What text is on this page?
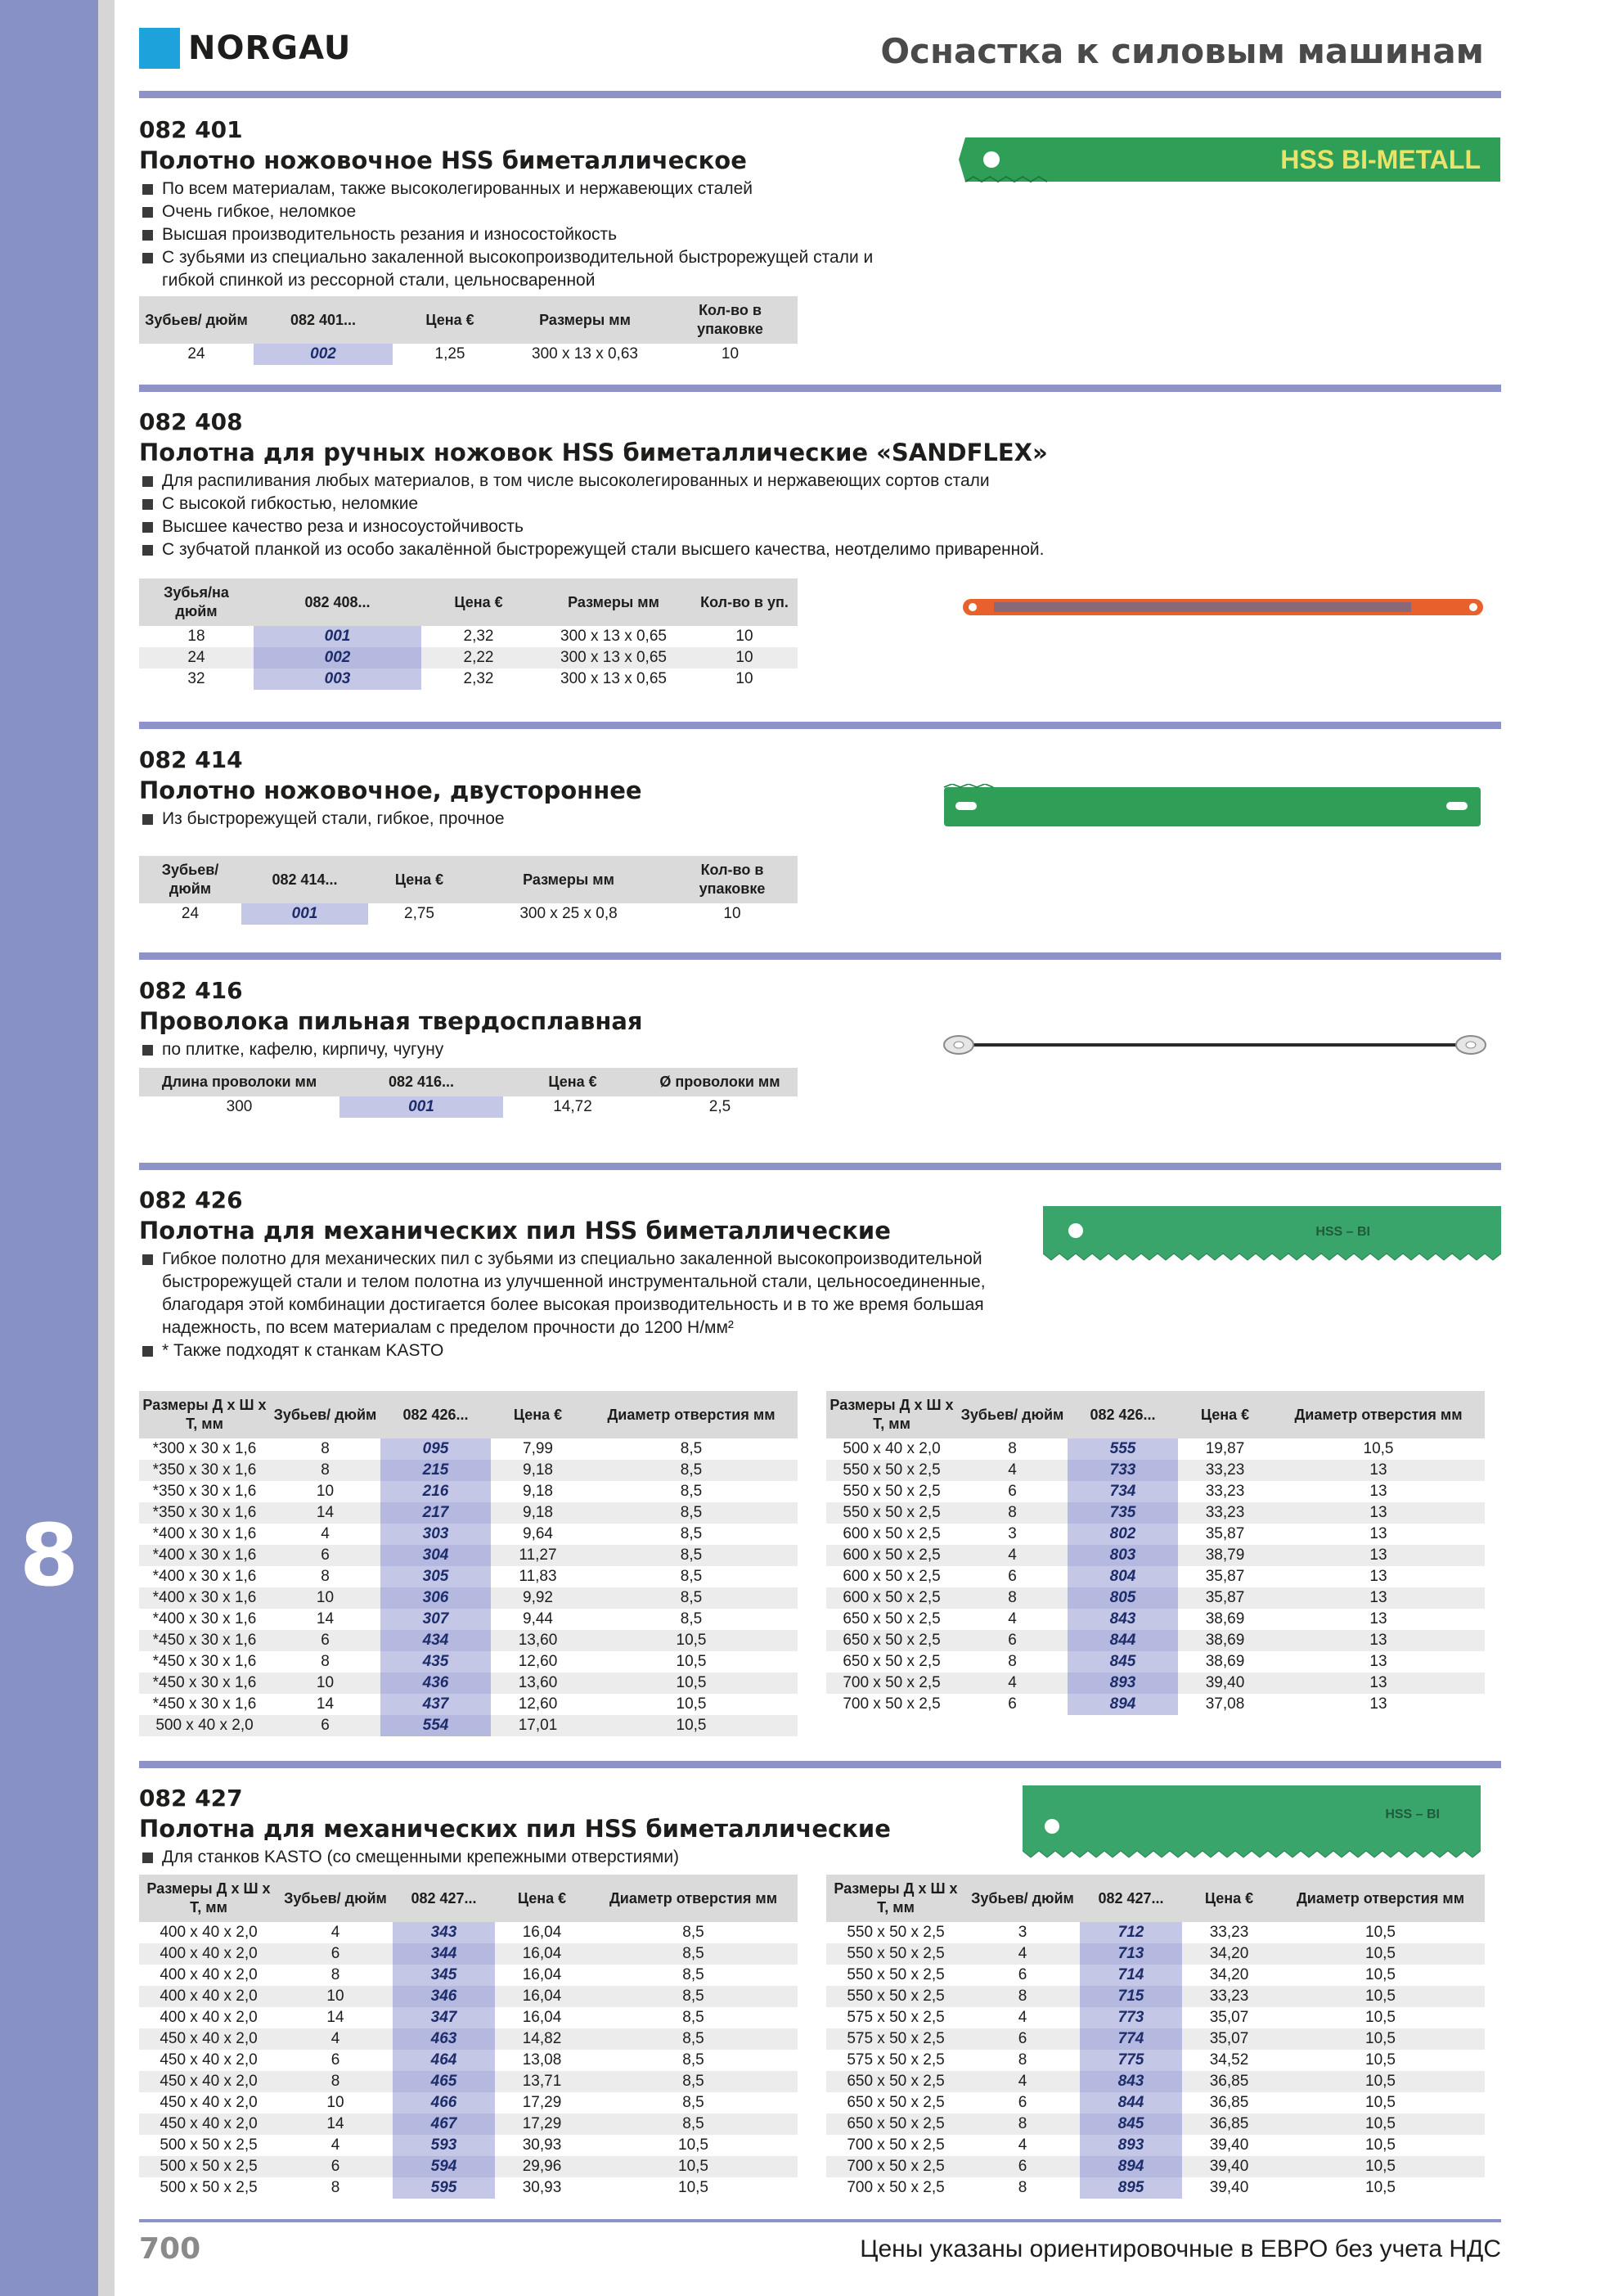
8
NORGAU	Оснастка к силовым машинам
082 401
Полотно ножовочное HSS биметаллическое
По всем материалам, также высоколегированных и нержавеющих сталей
Очень гибкое, неломкое
Высшая производительность резания и износостойкость
С зубьями из специально закаленной высокопроизводительной быстрорежущей стали и гибкой спинкой из рессорной стали, цельносваренной
HSS BI-METALL
Зубьев/ дюйм	082 401...	Цена €	Размеры мм	Кол-во в упаковке
24	002	1,25	300 x 13 x 0,63	10
082 408
Полотна для ручных ножовок HSS биметаллические «SANDFLEX»
Для распиливания любых материалов, в том числе высоколегированных и нержавеющих сортов стали
С высокой гибкостью, неломкие
Высшее качество реза и износоустойчивость
С зубчатой планкой из особо закалённой быстрорежущей стали высшего качества, неотделимо приваренной.
Зубья/на дюйм	082 408...	Цена €	Размеры мм	Кол-во в уп.
18	001	2,32	300 x 13 x 0,65	10
24	002	2,22	300 x 13 x 0,65	10
32	003	2,32	300 x 13 x 0,65	10
082 414
Полотно ножовочное, двустороннее
Из быстрорежущей стали, гибкое, прочное
Зубьев/ дюйм	082 414...	Цена €	Размеры мм	Кол-во в упаковке
24	001	2,75	300 x 25 x 0,8	10
082 416
Проволока пильная твердосплавная
по плитке, кафелю, кирпичу, чугуну
Длина проволоки мм	082 416...	Цена €	Ø проволоки мм
300	001	14,72	2,5
082 426
Полотна для механических пил HSS биметаллические
Гибкое полотно для механических пил с зубьями из специально закаленной высокопроизводительной быстрорежущей стали и телом полотна из улучшенной инструментальной стали, цельносоединенные, благодаря этой комбинации достигается более высокая производительность и в то же время большая надежность, по всем материалам с пределом прочности до 1200 Н/мм²
* Также подходят к станкам KASTO
HSS – BI
Размеры Д x Ш x Т, мм	Зубьев/ дюйм	082 426...	Цена €	Диаметр отверстия мм
*300 x 30 x 1,6	8	095	7,99	8,5
*350 x 30 x 1,6	8	215	9,18	8,5
*350 x 30 x 1,6	10	216	9,18	8,5
*350 x 30 x 1,6	14	217	9,18	8,5
*400 x 30 x 1,6	4	303	9,64	8,5
*400 x 30 x 1,6	6	304	11,27	8,5
*400 x 30 x 1,6	8	305	11,83	8,5
*400 x 30 x 1,6	10	306	9,92	8,5
*400 x 30 x 1,6	14	307	9,44	8,5
*450 x 30 x 1,6	6	434	13,60	10,5
*450 x 30 x 1,6	8	435	12,60	10,5
*450 x 30 x 1,6	10	436	13,60	10,5
*450 x 30 x 1,6	14	437	12,60	10,5
500 x 40 x 2,0	6	554	17,01	10,5
Размеры Д x Ш x Т, мм	Зубьев/ дюйм	082 426...	Цена €	Диаметр отверстия мм
500 x 40 x 2,0	8	555	19,87	10,5
550 x 50 x 2,5	4	733	33,23	13
550 x 50 x 2,5	6	734	33,23	13
550 x 50 x 2,5	8	735	33,23	13
600 x 50 x 2,5	3	802	35,87	13
600 x 50 x 2,5	4	803	38,79	13
600 x 50 x 2,5	6	804	35,87	13
600 x 50 x 2,5	8	805	35,87	13
650 x 50 x 2,5	4	843	38,69	13
650 x 50 x 2,5	6	844	38,69	13
650 x 50 x 2,5	8	845	38,69	13
700 x 50 x 2,5	4	893	39,40	13
700 x 50 x 2,5	6	894	37,08	13
082 427
Полотна для механических пил HSS биметаллические
Для станков KASTO (со смещенными крепежными отверстиями)
HSS – BI
Размеры Д x Ш x Т, мм	Зубьев/ дюйм	082 427...	Цена €	Диаметр отверстия мм
400 x 40 x 2,0	4	343	16,04	8,5
400 x 40 x 2,0	6	344	16,04	8,5
400 x 40 x 2,0	8	345	16,04	8,5
400 x 40 x 2,0	10	346	16,04	8,5
400 x 40 x 2,0	14	347	16,04	8,5
450 x 40 x 2,0	4	463	14,82	8,5
450 x 40 x 2,0	6	464	13,08	8,5
450 x 40 x 2,0	8	465	13,71	8,5
450 x 40 x 2,0	10	466	17,29	8,5
450 x 40 x 2,0	14	467	17,29	8,5
500 x 50 x 2,5	4	593	30,93	10,5
500 x 50 x 2,5	6	594	29,96	10,5
500 x 50 x 2,5	8	595	30,93	10,5
Размеры Д x Ш x Т, мм	Зубьев/ дюйм	082 427...	Цена €	Диаметр отверстия мм
550 x 50 x 2,5	3	712	33,23	10,5
550 x 50 x 2,5	4	713	34,20	10,5
550 x 50 x 2,5	6	714	34,20	10,5
550 x 50 x 2,5	8	715	33,23	10,5
575 x 50 x 2,5	4	773	35,07	10,5
575 x 50 x 2,5	6	774	35,07	10,5
575 x 50 x 2,5	8	775	34,52	10,5
650 x 50 x 2,5	4	843	36,85	10,5
650 x 50 x 2,5	6	844	36,85	10,5
650 x 50 x 2,5	8	845	36,85	10,5
700 x 50 x 2,5	4	893	39,40	10,5
700 x 50 x 2,5	6	894	39,40	10,5
700 x 50 x 2,5	8	895	39,40	10,5
700	Цены указаны ориентировочные в ЕВРО без учета НДС
